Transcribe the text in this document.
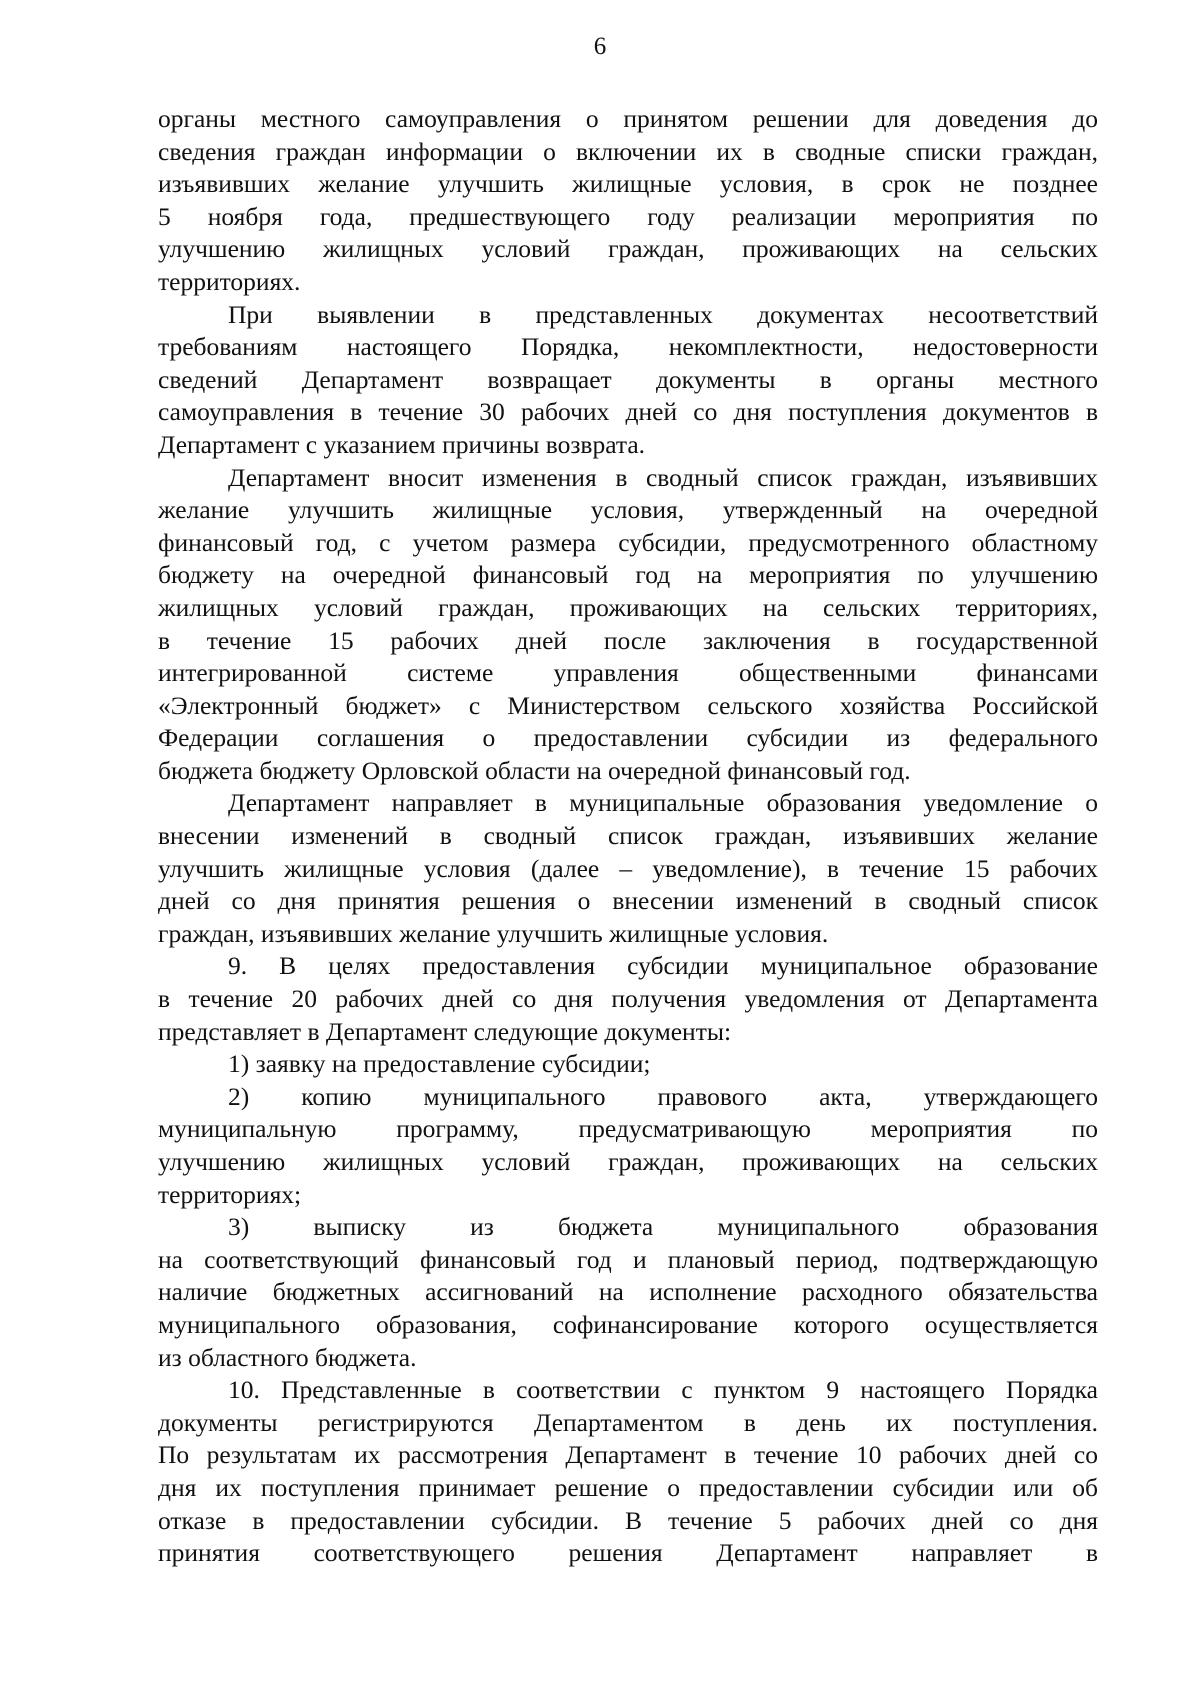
6
органы местного самоуправления о принятом решении для доведения до
сведения граждан информации о включении их в сводные списки граждан,
изъявивших желание улучшить жилищные условия, в срок не позднее
5 ноября года, предшествующего году реализации мероприятия по
улучшению жилищных условий граждан, проживающих на сельских
территориях.
При выявлении в представленных документах несоответствий
требованиям настоящего Порядка, некомплектности, недостоверности
сведений Департамент возвращает документы в органы местного
самоуправления в течение 30 рабочих дней со дня поступления документов в
Департамент с указанием причины возврата.
Департамент вносит изменения в сводный список граждан, изъявивших
желание улучшить жилищные условия, утвержденный на очередной
финансовый год, с учетом размера субсидии, предусмотренного областному
бюджету на очередной финансовый год на мероприятия по улучшению
жилищных условий граждан, проживающих на сельских территориях,
в течение 15 рабочих дней после заключения в государственной
интегрированной системе управления общественными финансами
«Электронный бюджет» с Министерством сельского хозяйства Российской
Федерации соглашения о предоставлении субсидии из федерального
бюджета бюджету Орловской области на очередной финансовый год.
Департамент направляет в муниципальные образования уведомление о
внесении изменений в сводный список граждан, изъявивших желание
улучшить жилищные условия (далее – уведомление), в течение 15 рабочих
дней со дня принятия решения о внесении изменений в сводный список
граждан, изъявивших желание улучшить жилищные условия.
9. В целях предоставления субсидии муниципальное образование
в течение 20 рабочих дней со дня получения уведомления от Департамента
представляет в Департамент следующие документы:
1) заявку на предоставление субсидии;
2) копию муниципального правового акта, утверждающего
муниципальную программу, предусматривающую мероприятия по
улучшению жилищных условий граждан, проживающих на сельских
территориях;
3) выписку из бюджета муниципального образования
на соответствующий финансовый год и плановый период, подтверждающую
наличие бюджетных ассигнований на исполнение расходного обязательства
муниципального образования, софинансирование которого осуществляется
из областного бюджета.
10. Представленные в соответствии с пунктом 9 настоящего Порядка
документы регистрируются Департаментом в день их поступления.
По результатам их рассмотрения Департамент в течение 10 рабочих дней со
дня их поступления принимает решение о предоставлении субсидии или об
отказе в предоставлении субсидии. В течение 5 рабочих дней со дня
принятия соответствующего решения Департамент направляет в
